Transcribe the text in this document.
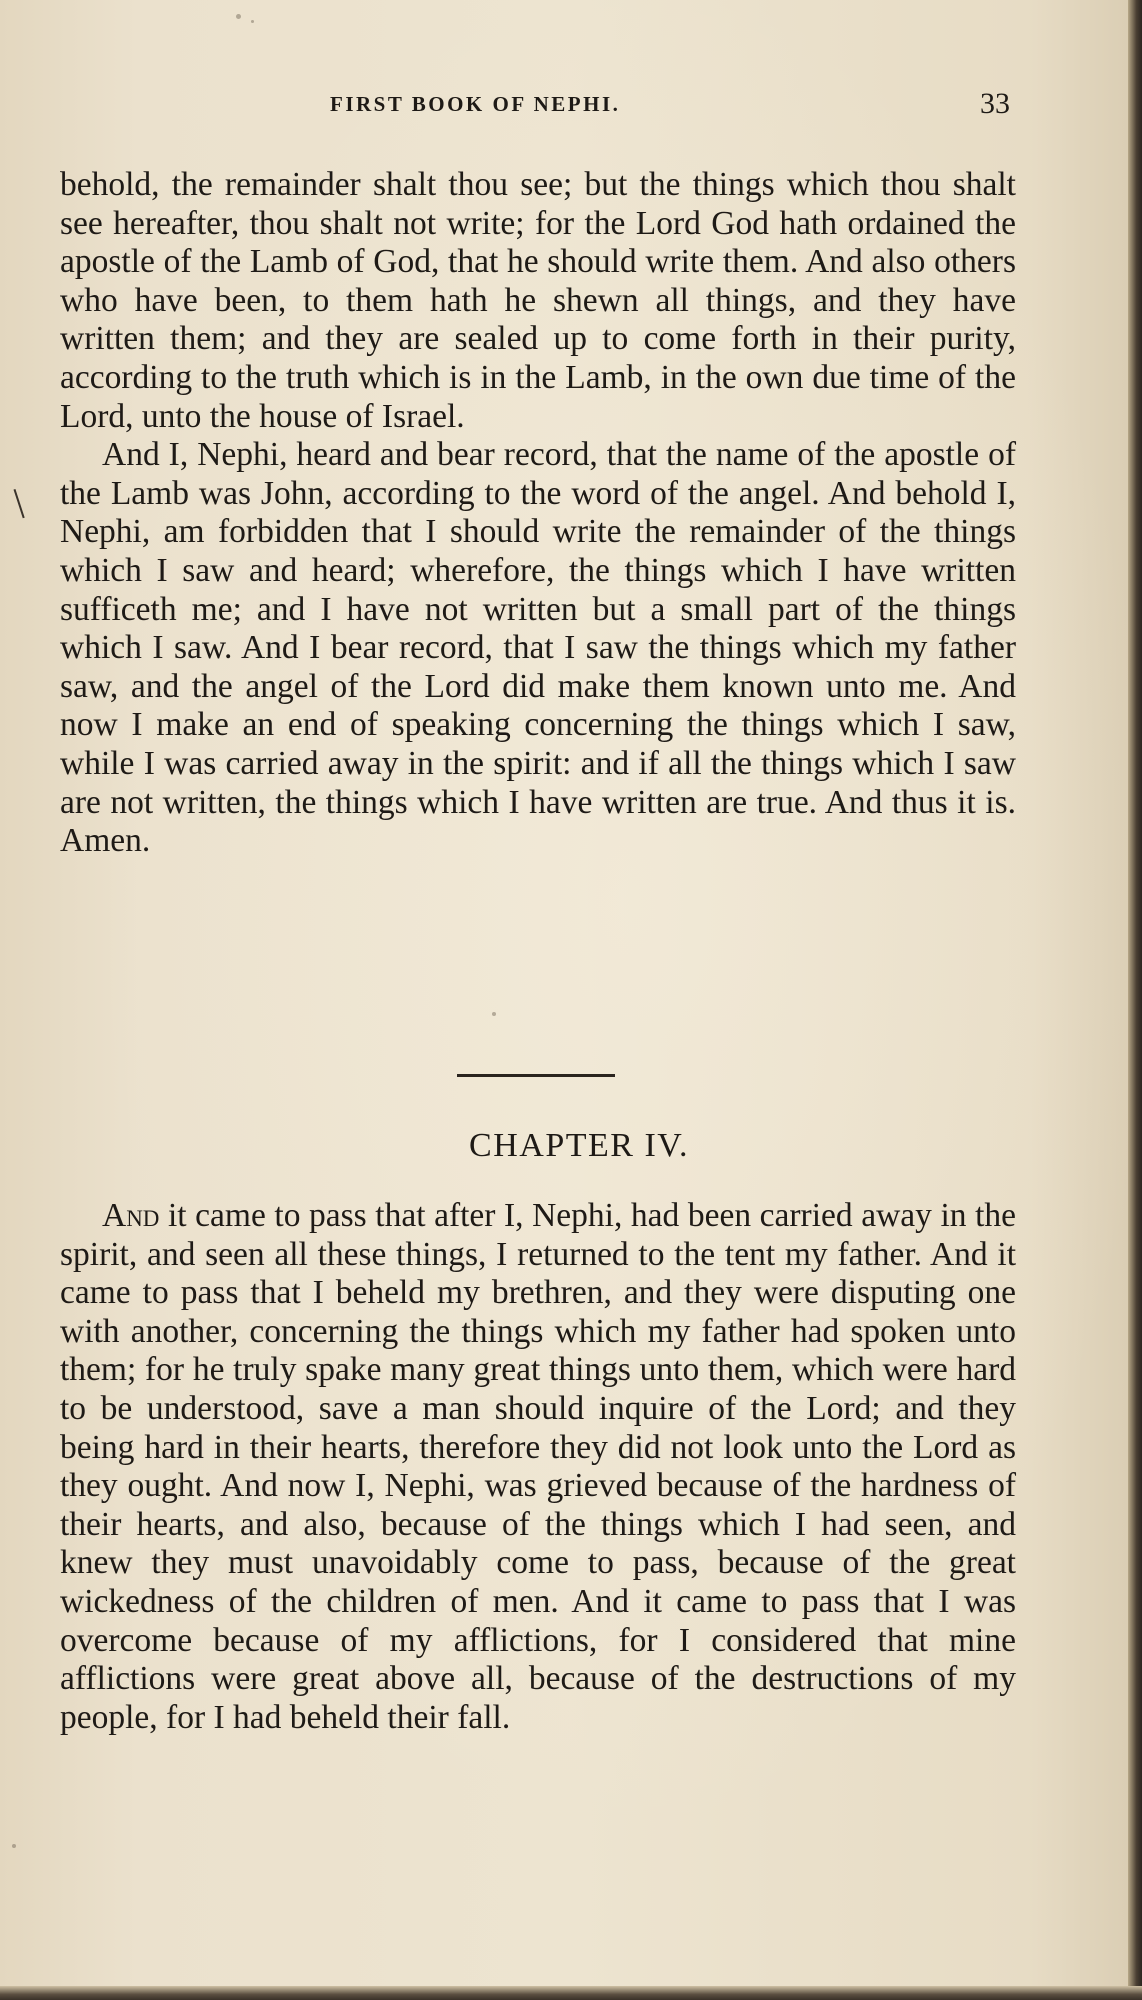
FIRST BOOK OF NEPHI.	33

behold, the remainder shalt thou see; but the things which thou shalt see hereafter, thou shalt not write; for the Lord God hath ordained the apostle of the Lamb of God, that he should write them. And also others who have been, to them hath he shewn all things, and they have written them; and they are sealed up to come forth in their purity, according to the truth which is in the Lamb, in the own due time of the Lord, unto the house of Israel.

And I, Nephi, heard and bear record, that the name of the apostle of the Lamb was John, according to the word of the angel. And behold I, Nephi, am forbidden that I should write the remainder of the things which I saw and heard; wherefore, the things which I have written sufficeth me; and I have not written but a small part of the things which I saw. And I bear record, that I saw the things which my father saw, and the angel of the Lord did make them known unto me. And now I make an end of speaking concerning the things which I saw, while I was carried away in the spirit: and if all the things which I saw are not written, the things which I have written are true. And thus it is. Amen.

CHAPTER IV.

And it came to pass that after I, Nephi, had been carried away in the spirit, and seen all these things, I returned to the tent my father. And it came to pass that I beheld my brethren, and they were disputing one with another, concerning the things which my father had spoken unto them; for he truly spake many great things unto them, which were hard to be understood, save a man should inquire of the Lord; and they being hard in their hearts, therefore they did not look unto the Lord as they ought. And now I, Nephi, was grieved because of the hardness of their hearts, and also, because of the things which I had seen, and knew they must unavoidably come to pass, because of the great wickedness of the children of men. And it came to pass that I was overcome because of my afflictions, for I considered that mine afflictions were great above all, because of the destructions of my people, for I had beheld their fall.
